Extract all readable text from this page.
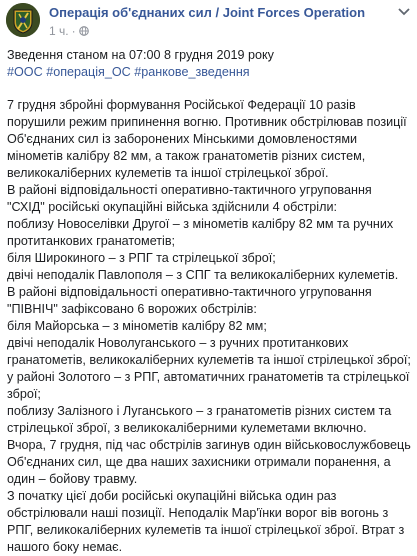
Операція об'єднаних сил / Joint Forces Operation
1 ч. ·

Зведення станом на 07:00 8 грудня 2019 року

#ООС #операція_ОС #ранкове_зведення

7 грудня збройні формування Російської Федерації 10 разів
порушили режим припинення вогню. Противник обстрілював позиції
Об'єднаних сил із заборонених Мінськими домовленостями
мінометів калібру 82 мм, а також гранатометів різних систем,
великокаліберних кулеметів та іншої стрілецької зброї.
В районі відповідальності оперативно-тактичного угруповання
"СХІД" російські окупаційні війська здійснили 4 обстріли:
поблизу Новоселівки Другої – з мінометів калібру 82 мм та ручних
протитанкових гранатометів;
біля Широкиного – з РПГ та стрілецької зброї;
двічі неподалік Павлополя – з СПГ та великокаліберних кулеметів.
В районі відповідальності оперативно-тактичного угруповання
"ПІВНІЧ" зафіксовано 6 ворожих обстрілів:
біля Майорська – з мінометів калібру 82 мм;
двічі неподалік Новолуганського – з ручних протитанкових
гранатометів, великокаліберних кулеметів та іншої стрілецької зброї;
у районі Золотого – з РПГ, автоматичних гранатометів та стрілецької
зброї;
поблизу Залізного і Луганського – з гранатометів різних систем та
стрілецької зброї, з великокаліберними кулеметами включно.
Вчора, 7 грудня, під час обстрілів загинув один військовослужбовець
Об'єднаних сил, ще два наших захисники отримали поранення, а
один – бойову травму.
З початку цієї доби російські окупаційні війська один раз
обстрілювали наші позиції. Неподалік Мар'їнки ворог вів вогонь з
РПГ, великокаліберних кулеметів та іншої стрілецької зброї. Втрат з
нашого боку немає.
